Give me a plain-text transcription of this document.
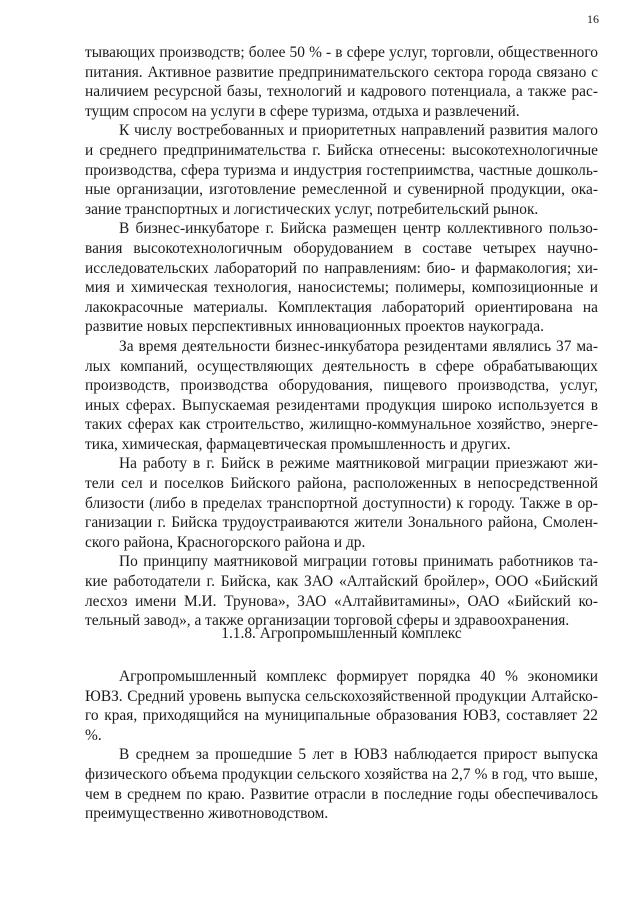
16

тывающих производств; более 50 % - в сфере услуг, торговли, общественного питания. Активное развитие предпринимательского сектора города связано с наличием ресурсной базы, технологий и кадрового потенциала, а также растущим спросом на услуги в сфере туризма, отдыха и развлечений.

К числу востребованных и приоритетных направлений развития малого и среднего предпринимательства г. Бийска отнесены: высокотехнологичные производства, сфера туризма и индустрия гостеприимства, частные дошкольные организации, изготовление ремесленной и сувенирной продукции, оказание транспортных и логистических услуг, потребительский рынок.

В бизнес-инкубаторе г. Бийска размещен центр коллективного пользования высокотехнологичным оборудованием в составе четырех научно-исследовательских лабораторий по направлениям: био- и фармакология; химия и химическая технология, наносистемы; полимеры, композиционные и лакокрасочные материалы. Комплектация лабораторий ориентирована на развитие новых перспективных инновационных проектов наукограда.

За время деятельности бизнес-инкубатора резидентами являлись 37 малых компаний, осуществляющих деятельность в сфере обрабатывающих производств, производства оборудования, пищевого производства, услуг, иных сферах. Выпускаемая резидентами продукция широко используется в таких сферах как строительство, жилищно-коммунальное хозяйство, энергетика, химическая, фармацевтическая промышленность и других.

На работу в г. Бийск в режиме маятниковой миграции приезжают жители сел и поселков Бийского района, расположенных в непосредственной близости (либо в пределах транспортной доступности) к городу. Также в организации г. Бийска трудоустраиваются жители Зонального района, Смоленского района, Красногорского района и др.

По принципу маятниковой миграции готовы принимать работников такие работодатели г. Бийска, как ЗАО «Алтайский бройлер», ООО «Бийский лесхоз имени М.И. Трунова», ЗАО «Алтайвитамины», ОАО «Бийский котельный завод», а также организации торговой сферы и здравоохранения.

1.1.8. Агропромышленный комплекс

Агропромышленный комплекс формирует порядка 40 % экономики ЮВЗ. Средний уровень выпуска сельскохозяйственной продукции Алтайского края, приходящийся на муниципальные образования ЮВЗ, составляет 22 %.

В среднем за прошедшие 5 лет в ЮВЗ наблюдается прирост выпуска физического объема продукции сельского хозяйства на 2,7 % в год, что выше, чем в среднем по краю. Развитие отрасли в последние годы обеспечивалось преимущественно животноводством.
